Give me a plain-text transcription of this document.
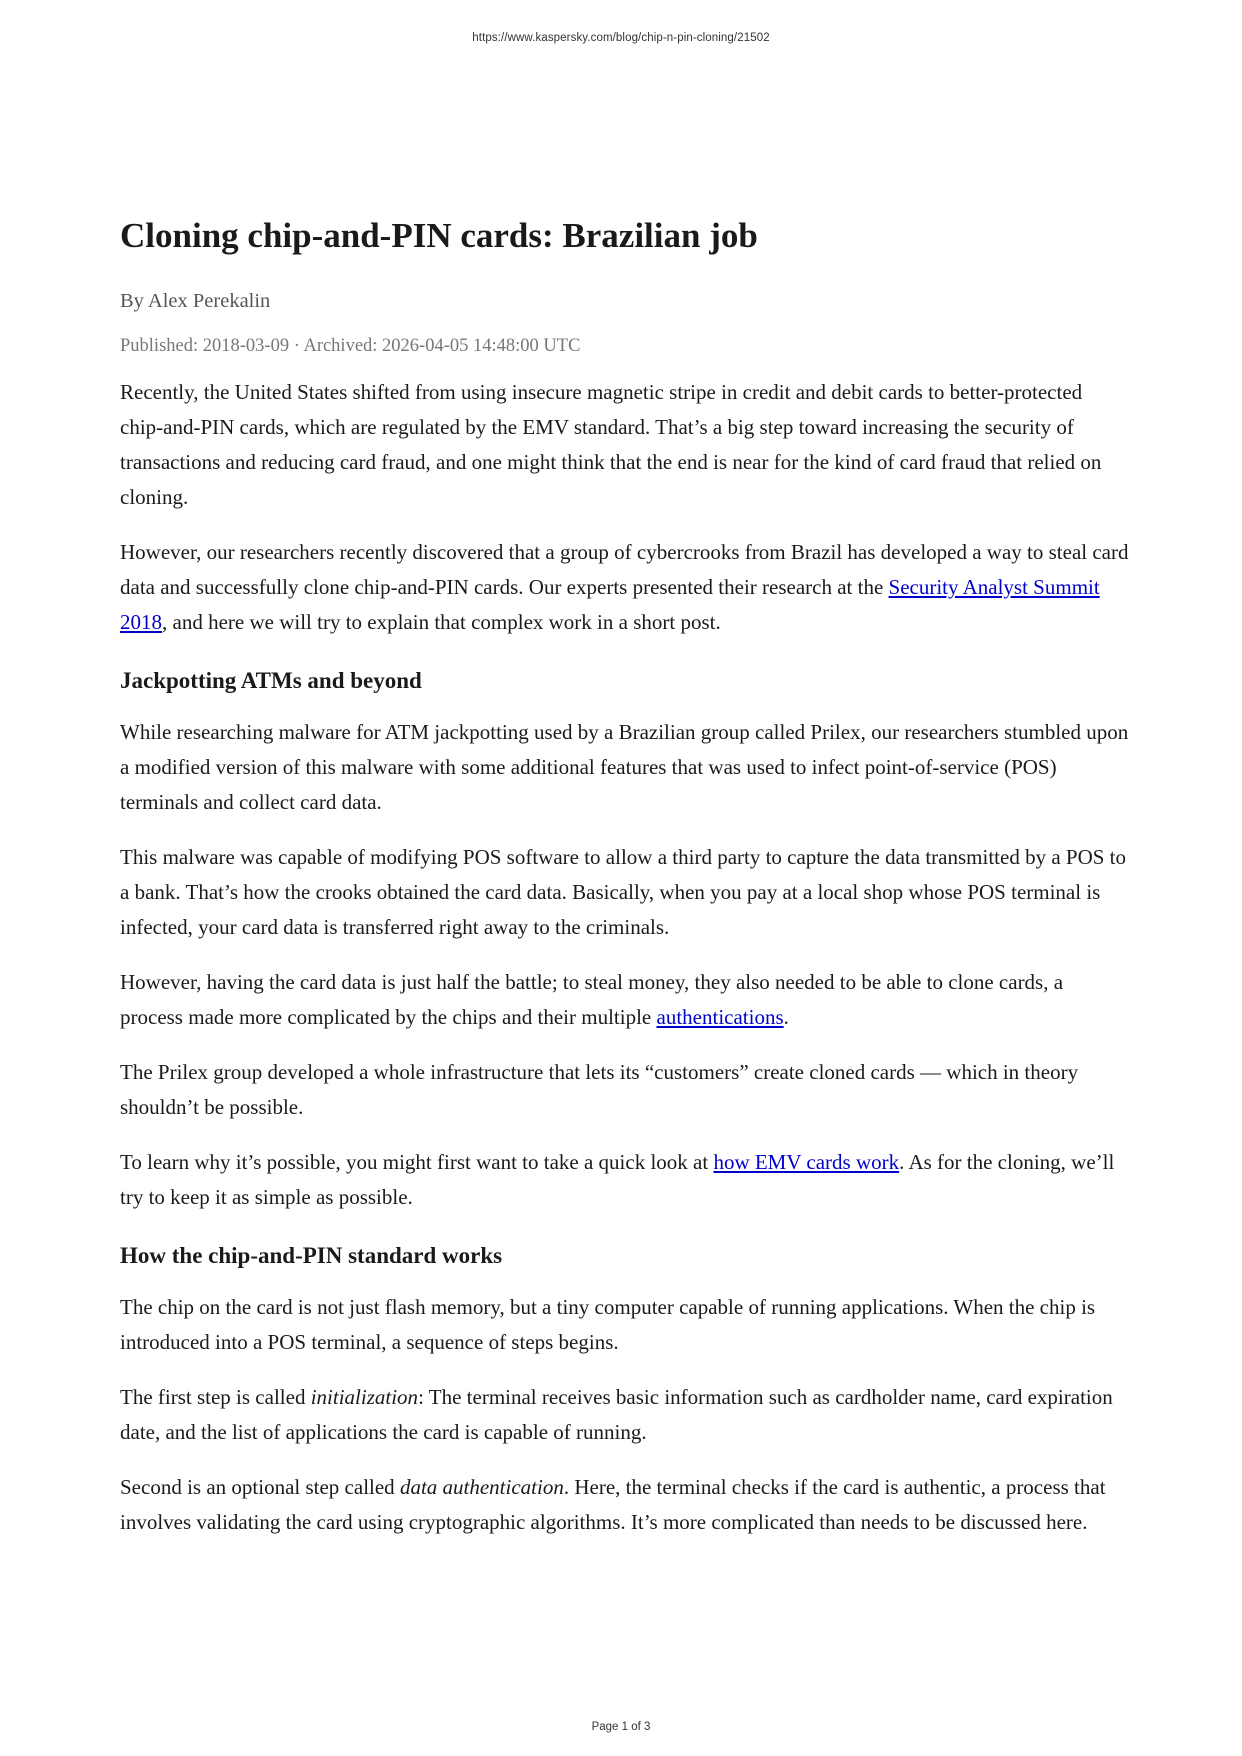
https://www.kaspersky.com/blog/chip-n-pin-cloning/21502
Cloning chip-and-PIN cards: Brazilian job
By Alex Perekalin
Published: 2018-03-09 · Archived: 2026-04-05 14:48:00 UTC

Recently, the United States shifted from using insecure magnetic stripe in credit and debit cards to better-protected chip-and-PIN cards, which are regulated by the EMV standard. That’s a big step toward increasing the security of transactions and reducing card fraud, and one might think that the end is near for the kind of card fraud that relied on cloning.

However, our researchers recently discovered that a group of cybercrooks from Brazil has developed a way to steal card data and successfully clone chip-and-PIN cards. Our experts presented their research at the Security Analyst Summit 2018, and here we will try to explain that complex work in a short post.

Jackpotting ATMs and beyond

While researching malware for ATM jackpotting used by a Brazilian group called Prilex, our researchers stumbled upon a modified version of this malware with some additional features that was used to infect point-of-service (POS) terminals and collect card data.

This malware was capable of modifying POS software to allow a third party to capture the data transmitted by a POS to a bank. That’s how the crooks obtained the card data. Basically, when you pay at a local shop whose POS terminal is infected, your card data is transferred right away to the criminals.

However, having the card data is just half the battle; to steal money, they also needed to be able to clone cards, a process made more complicated by the chips and their multiple authentications.

The Prilex group developed a whole infrastructure that lets its “customers” create cloned cards — which in theory shouldn’t be possible.

To learn why it’s possible, you might first want to take a quick look at how EMV cards work. As for the cloning, we’ll try to keep it as simple as possible.

How the chip-and-PIN standard works

The chip on the card is not just flash memory, but a tiny computer capable of running applications. When the chip is introduced into a POS terminal, a sequence of steps begins.

The first step is called initialization: The terminal receives basic information such as cardholder name, card expiration date, and the list of applications the card is capable of running.

Second is an optional step called data authentication. Here, the terminal checks if the card is authentic, a process that involves validating the card using cryptographic algorithms. It’s more complicated than needs to be discussed here.

Page 1 of 3
